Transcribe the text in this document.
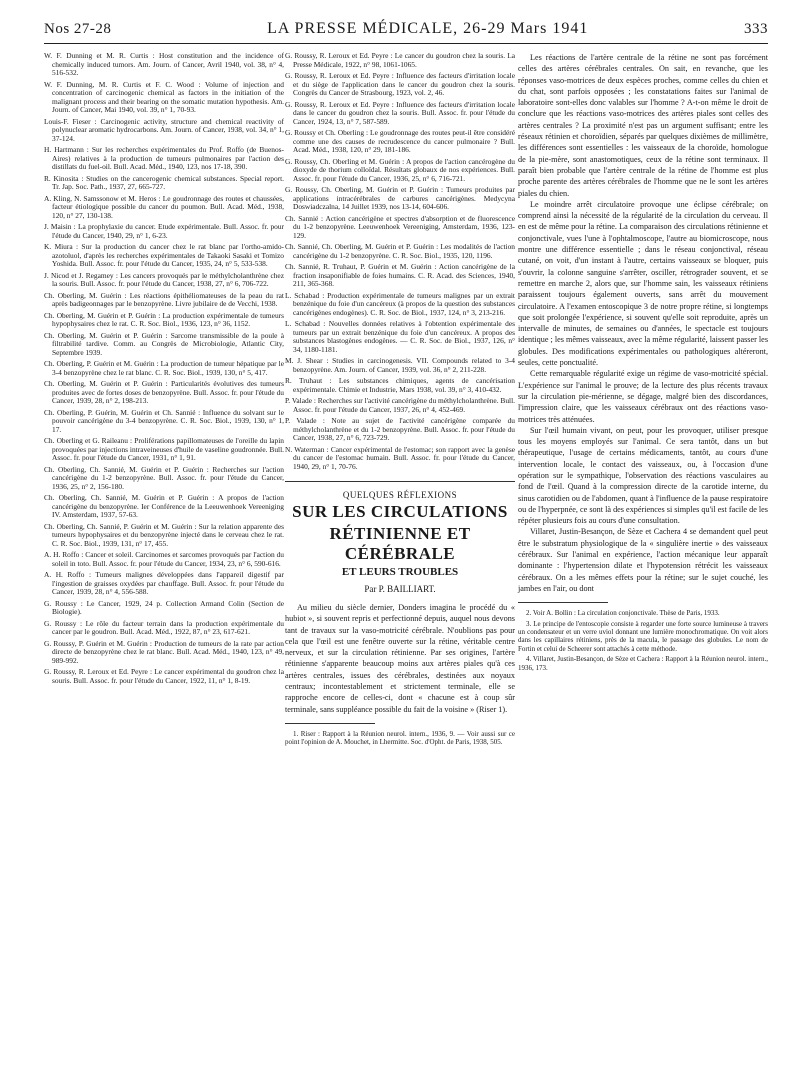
Nos 27-28	LA PRESSE MÉDICALE, 26-29 Mars 1941	333

W. F. Dunning et M. R. Curtis : Host constitution and the incidence of chemically induced tumors. Am. Journ. of Cancer, Avril 1940, vol. 38, n° 4, 516-532.

W. F. Dunning, M. R. Curtis et F. C. Wood : Volume of injection and concentration of carcinogenic chemical as factors in the initiation of the malignant process and their bearing on the somatic mutation hypothesis. Am. Journ. of Cancer, Mai 1940, vol. 39, n° 1, 70-93.

Louis-F. Fieser : Carcinogenic activity, structure and chemical reactivity of polynuclear aromatic hydrocarbons. Am. Journ. of Cancer, 1938, vol. 34, n° 1, 37-124.

H. Hartmann : Sur les recherches expérimentales du Prof. Roffo (de Buenos-Aires) relatives à la production de tumeurs pulmonaires par l'action des distillats du fuel-oil. Bull. Acad. Méd., 1940, 123, nos 17-18, 390.

R. Kinosita : Studies on the cancerogenic chemical substances. Special report. Tr. Jap. Soc. Path., 1937, 27, 665-727.

A. Kling, N. Samssonow et M. Heros : Le goudronnage des routes et chaussées, facteur étiologique possible du cancer du poumon. Bull. Acad. Méd., 1938, 120, n° 27, 130-138.

J. Maisin : La prophylaxie du cancer. Etude expérimentale. Bull. Assoc. fr. pour l'étude du Cancer, 1940, 29, n° 1, 6-23.

K. Miura : Sur la production du cancer chez le rat blanc par l'ortho-amido-azotoluol, d'après les recherches expérimentales de Takaoki Sasaki et Tomizo Yoshida. Bull. Assoc. fr. pour l'étude du Cancer, 1935, 24, n° 5, 533-538.

J. Nicod et J. Regamey : Les cancers provoqués par le méthylcholanthrène chez la souris. Bull. Assoc. fr. pour l'étude du Cancer, 1938, 27, n° 6, 706-722.

Ch. Oberling, M. Guérin : Les réactions épithéliomateuses de la peau du rat après badigeonnages par le benzopyrène. Livre jubilaire de de Vecchi, 1938.

Ch. Oberling, M. Guérin et P. Guérin : La production expérimentale de tumeurs hypophysaires chez le rat. C. R. Soc. Biol., 1936, 123, n° 36, 1152.

Ch. Oberling, M. Guérin et P. Guérin : Sarcome transmissible de la poule à filtrabilité tardive. Comm. au Congrès de Microbiologie, Atlantic City, Septembre 1939.

Ch. Oberling, P. Guérin et M. Guérin : La production de tumeur hépatique par le 3-4 benzopyrène chez le rat blanc. C. R. Soc. Biol., 1939, 130, n° 5, 417.

Ch. Oberling, M. Guérin et P. Guérin : Particularités évolutives des tumeurs produites avec de fortes doses de benzopyrène. Bull. Assoc. fr. pour l'étude du Cancer, 1939, 28, n° 2, 198-213.

Ch. Oberling, P. Guérin, M. Guérin et Ch. Sannié : Influence du solvant sur le pouvoir cancérigène du 3-4 benzopyrène. C. R. Soc. Biol., 1939, 130, n° 1, 17.

Ch. Oberling et G. Raileanu : Proliférations papillomateuses de l'oreille du lapin provoquées par injections intraveineuses d'huile de vaseline goudronnée. Bull. Assoc. fr. pour l'étude du Cancer, 1931, n° 1, 91.

Ch. Oberling, Ch. Sannié, M. Guérin et P. Guérin : Recherches sur l'action cancérigène du 1-2 benzopyrène. Bull. Assoc. fr. pour l'étude du Cancer, 1936, 25, n° 2, 156-180.

Ch. Oberling, Ch. Sannié, M. Guérin et P. Guérin : A propos de l'action cancérigène du benzopyrène. Ier Conférence de la Leeuwenhoek Vereeniging IV. Amsterdam, 1937, 57-63.

Ch. Oberling, Ch. Sannié, P. Guérin et M. Guérin : Sur la relation apparente des tumeurs hypophysaires et du benzopyrène injecté dans le cerveau chez le rat. C. R. Soc. Biol., 1939, 131, n° 17, 455.

A. H. Roffo : Cancer et soleil. Carcinomes et sarcomes provoqués par l'action du soleil in toto. Bull. Assoc. fr. pour l'étude du Cancer, 1934, 23, n° 6, 590-616.

A. H. Roffo : Tumeurs malignes développées dans l'appareil digestif par l'ingestion de graisses oxydées par chauffage. Bull. Assoc. fr. pour l'étude du Cancer, 1939, 28, n° 4, 556-588.

G. Roussy : Le Cancer, 1929, 24 p. Collection Armand Colin (Section de Biologie).

G. Roussy : Le rôle du facteur terrain dans la production expérimentale du cancer par le goudron. Bull. Acad. Méd., 1922, 87, n° 23, 617-621.

G. Roussy, P. Guérin et M. Guérin : Production de tumeurs de la rate par action directe de benzopyrène chez le rat blanc. Bull. Acad. Méd., 1940, 123, n° 49, 989-992.

G. Roussy, R. Leroux et Ed. Peyre : Le cancer expérimental du goudron chez la souris. Bull. Assoc. fr. pour l'étude du Cancer, 1922, 11, n° 1, 8-19.

G. Roussy, R. Leroux et Ed. Peyre : Le cancer du goudron chez la souris. La Presse Médicale, 1922, n° 98, 1061-1065.

G. Roussy, R. Leroux et Ed. Peyre : Influence des facteurs d'irritation locale et du siège de l'application dans le cancer du goudron chez la souris. Congrès du Cancer de Strasbourg, 1923, vol. 2, 46.

G. Roussy, R. Leroux et Ed. Peyre : Influence des facteurs d'irritation locale dans le cancer du goudron chez la souris. Bull. Assoc. fr. pour l'étude du Cancer, 1924, 13, n° 7, 587-589.

G. Roussy et Ch. Oberling : Le goudronnage des routes peut-il être considéré comme une des causes de recrudescence du cancer pulmonaire ? Bull. Acad. Méd., 1938, 120, n° 29, 181-186.

G. Roussy, Ch. Oberling et M. Guérin : A propos de l'action cancérogène du dioxyde de thorium colloïdal. Résultats globaux de nos expériences. Bull. Assoc. fr. pour l'étude du Cancer, 1936, 25, n° 6, 716-721.

G. Roussy, Ch. Oberling, M. Guérin et P. Guérin : Tumeurs produites par applications intracérébrales de carbures cancérigènes. Medycyna Doswiadczalna, 14 Juillet 1939, nos 13-14, 604-606.

Ch. Sannié : Action cancérigène et spectres d'absorption et de fluorescence du 1-2 benzopyrène. Leeuwenhoek Vereeniging, Amsterdam, 1936, 123-129.

Ch. Sannié, Ch. Oberling, M. Guérin et P. Guérin : Les modalités de l'action cancérigène du 1-2 benzopyrène. C. R. Soc. Biol., 1935, 120, 1196.

Ch. Sannié, R. Truhaut, P. Guérin et M. Guérin : Action cancérigène de la fraction insaponifiable de foies humains. C. R. Acad. des Sciences, 1940, 211, 365-368.

L. Schabad : Production expérimentale de tumeurs malignes par un extrait benzénique du foie d'un cancéreux (à propos de la question des substances cancérigènes endogènes). C. R. Soc. de Biol., 1937, 124, n° 3, 213-216.

L. Schabad : Nouvelles données relatives à l'obtention expérimentale des tumeurs par un extrait benzénique du foie d'un cancéreux. A propos des substances blastogènes endogènes. — C. R. Soc. de Biol., 1937, 126, n° 34, 1180-1181.

M. J. Shear : Studies in carcinogenesis. VII. Compounds related to 3-4 benzopyrène. Am. Journ. of Cancer, 1939, vol. 36, n° 2, 211-228.

R. Truhaut : Les substances chimiques, agents de cancérisation expérimentale. Chimie et Industrie, Mars 1938, vol. 39, n° 3, 410-432.

P. Valade : Recherches sur l'activité cancérigène du méthylcholanthrène. Bull. Assoc. fr. pour l'étude du Cancer, 1937, 26, n° 4, 452-469.

P. Valade : Note au sujet de l'activité cancérigène comparée du méthylcholanthrène et du 1-2 benzopyrène. Bull. Assoc. fr. pour l'étude du Cancer, 1938, 27, n° 6, 723-729.

N. Waterman : Cancer expérimental de l'estomac; son rapport avec la genèse du cancer de l'estomac humain. Bull. Assoc. fr. pour l'étude du Cancer, 1940, 29, n° 1, 70-76.

QUELQUES RÉFLEXIONS
SUR LES CIRCULATIONS
RÉTINIENNE ET CÉRÉBRALE
ET LEURS TROUBLES
Par P. BAILLIART.

Au milieu du siècle dernier, Donders imagina le procédé du « hubiot », si souvent repris et perfectionné depuis, auquel nous devons tant de travaux sur la vaso-motricité cérébrale. N'oublions pas pour cela que l'œil est une fenêtre ouverte sur la rétine, véritable centre nerveux, et sur la circulation rétinienne. Par ses origines, l'artère rétinienne s'apparente beaucoup moins aux artères piales qu'à ces artères centrales, issues des cérébrales, destinées aux noyaux centraux; incontestablement et strictement terminale, elle se rapproche encore de celles-ci, dont « chacune est à coup sûr terminale, sans suppléance possible du fait de la voisine » (Riser 1).

1. Riser : Rapport à la Réunion neurol. intern., 1936, 9. — Voir aussi sur ce point l'opinion de A. Mouchet, in Lhermitte. Soc. d'Opht. de Paris, 1938, 505.

Les réactions de l'artère centrale de la rétine ne sont pas forcément celles des artères cérébrales centrales. On sait, en revanche, que les réponses vaso-motrices de deux espèces proches, comme celles du chien et du chat, sont parfois opposées ; les constatations faites sur l'animal de laboratoire sont-elles donc valables sur l'homme ? A-t-on même le droit de conclure que les réactions vaso-motrices des artères piales sont celles des artères centrales ? La proximité n'est pas un argument suffisant; entre les réseaux rétinien et choroïdien, séparés par quelques dixièmes de millimètre, les différences sont essentielles : les vaisseaux de la choroïde, homologue de la pie-mère, sont anastomotiques, ceux de la rétine sont terminaux. Il paraît bien probable que l'artère centrale de la rétine de l'homme est plus proche parente des artères cérébrales de l'homme que ne le sont les artères piales du chien.

Le moindre arrêt circulatoire provoque une éclipse cérébrale; on comprend ainsi la nécessité de la régularité de la circulation du cerveau. Il en est de même pour la rétine. La comparaison des circulations rétinienne et conjonctivale, vues l'une à l'ophtalmoscope, l'autre au biomicroscope, nous montre une différence essentielle ; dans le réseau conjonctival, réseau cutané, on voit, d'un instant à l'autre, certains vaisseaux se bloquer, puis s'ouvrir, la colonne sanguine s'arrêter, osciller, rétrograder souvent, et se remettre en marche 2, alors que, sur l'homme sain, les vaisseaux rétiniens paraissent toujours également ouverts, sans arrêt du mouvement circulatoire. A l'examen entoscopique 3 de notre propre rétine, si longtemps que soit prolongée l'expérience, si souvent qu'elle soit reproduite, après un intervalle de minutes, de semaines ou d'années, le spectacle est toujours identique ; les mêmes vaisseaux, avec la même régularité, laissent passer les globules. Des modifications expérimentales ou pathologiques altéreront, seules, cette ponctualité.

Cette remarquable régularité exige un régime de vaso-motricité spécial. L'expérience sur l'animal le prouve; de la lecture des plus récents travaux sur la circulation pie-mérienne, se dégage, malgré bien des discordances, l'impression claire, que les vaisseaux cérébraux ont des réactions vaso-motrices très atténuées.

Sur l'œil humain vivant, on peut, pour les provoquer, utiliser presque tous les moyens employés sur l'animal. Ce sera tantôt, dans un but thérapeutique, l'usage de certains médicaments, tantôt, au cours d'une intervention locale, le contact des vaisseaux, ou, à l'occasion d'une opération sur le sympathique, l'observation des réactions vasculaires au fond de l'œil. Quand à la compression directe de la carotide interne, du sinus carotidien ou de l'abdomen, quant à l'influence de la pause respiratoire ou de l'hyperpnée, ce sont là des expériences si simples qu'il est facile de les répéter plusieurs fois au cours d'une consultation.

Villaret, Justin-Besançon, de Sèze et Cachera 4 se demandent quel peut être le substratum physiologique de la « singulière inertie » des vaisseaux cérébraux. Sur l'animal en expérience, l'action mécanique leur apparaît dominante : l'hypertension dilate et l'hypotension rétrécit les vaisseaux cérébraux. On a les mêmes effets pour la rétine; sur le sujet couché, les jambes en l'air, ou dont

2. Voir A. Bollin : La circulation conjonctivale. Thèse de Paris, 1933.

3. Le principe de l'entoscopie consiste à regarder une forte source lumineuse à travers un condensateur et un verre uviol donnant une lumière monochromatique. On voit alors dans les capillaires rétiniens, près de la macula, le passage des globules. Le nom de Fortin et celui de Scheerer sont attachés à cette méthode.

4. Villaret, Justin-Besançon, de Sèze et Cachera : Rapport à la Réunion neurol. intern., 1936, 173.
